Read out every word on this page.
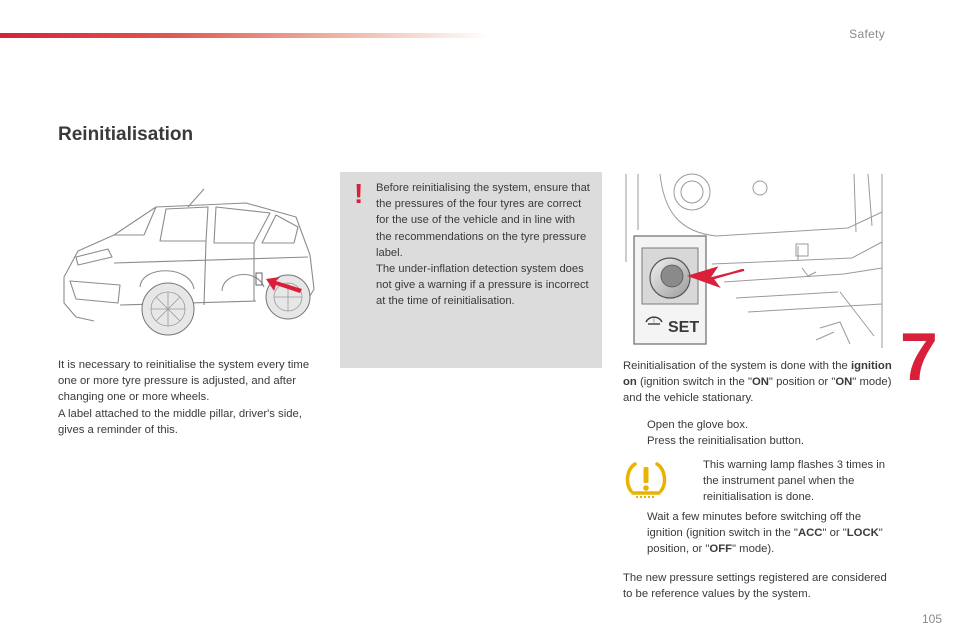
Safety
Reinitialisation

It is necessary to reinitialise the system every time one or more tyre pressure is adjusted, and after changing one or more wheels.

A label attached to the middle pillar, driver's side, gives a reminder of this.

! Before reinitialising the system, ensure that the pressures of the four tyres are correct for the use of the vehicle and in line with the recommendations on the tyre pressure label.

The under-inflation detection system does not give a warning if a pressure is incorrect at the time of reinitialisation.

! SET

Reinitialisation of the system is done with the ignition on (ignition switch in the "ON" position or "ON" mode) and the vehicle stationary.

Open the glove box.
Press the reinitialisation button.
This warning lamp flashes 3 times in the instrument panel when the reinitialisation is done.
Wait a few minutes before switching off the ignition (ignition switch in the "ACC" or "LOCK" position, or "OFF" mode).

The new pressure settings registered are considered to be reference values by the system.

7
105
